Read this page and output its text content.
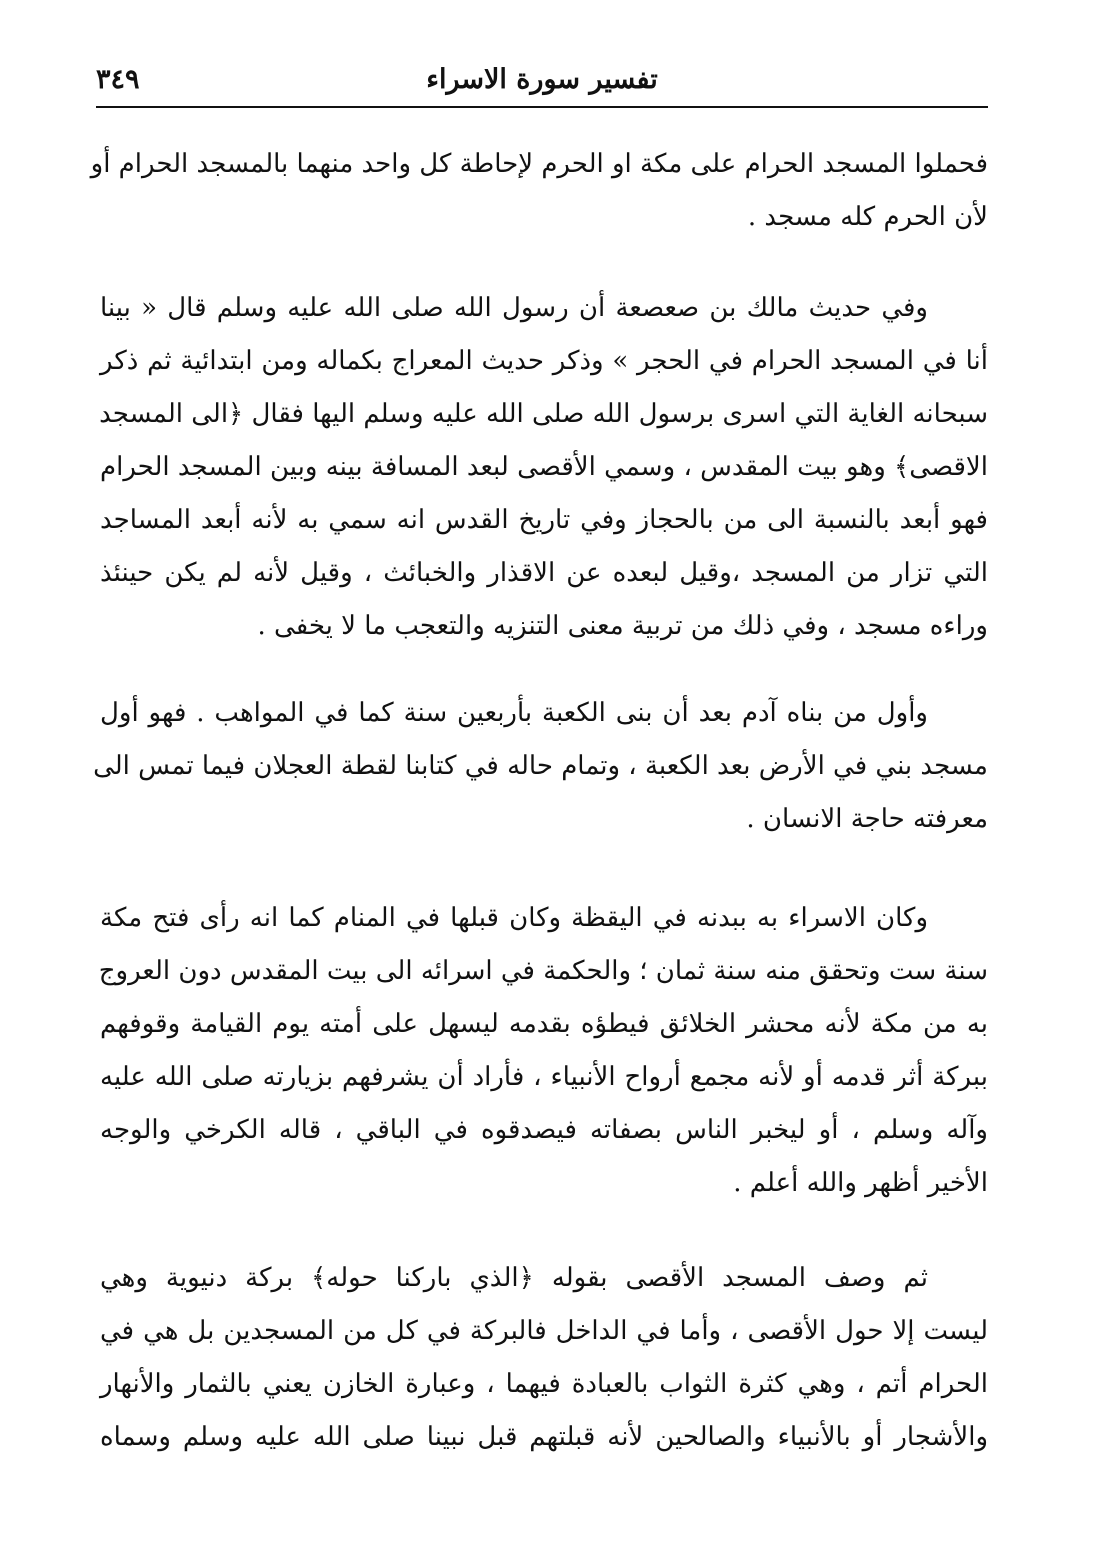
٣٤٩	تفسير سورة الاسراء
فحملوا المسجد الحرام على مكة او الحرم لإحاطة كل واحد منهما بالمسجد الحرام أو
لأن الحرم كله مسجد .
وفي حديث مالك بن صعصعة أن رسول الله صلى الله عليه وسلم قال « بينا
أنا في المسجد الحرام في الحجر » وذكر حديث المعراج بكماله ومن ابتدائية ثم ذكر
سبحانه الغاية التي اسرى برسول الله صلى الله عليه وسلم اليها فقال ﴿الى المسجد
الاقصى﴾ وهو بيت المقدس ، وسمي الأقصى لبعد المسافة بينه وبين المسجد الحرام
فهو أبعد بالنسبة الى من بالحجاز وفي تاريخ القدس انه سمي به لأنه أبعد المساجد
التي تزار من المسجد ،وقيل لبعده عن الاقذار والخبائث ، وقيل لأنه لم يكن حينئذ
وراءه مسجد ، وفي ذلك من تربية معنى التنزيه والتعجب ما لا يخفى .
وأول من بناه آدم بعد أن بنى الكعبة بأربعين سنة كما في المواهب . فهو أول
مسجد بني في الأرض بعد الكعبة ، وتمام حاله في كتابنا لقطة العجلان فيما تمس الى
معرفته حاجة الانسان .
وكان الاسراء به ببدنه في اليقظة وكان قبلها في المنام كما انه رأى فتح مكة
سنة ست وتحقق منه سنة ثمان ؛ والحكمة في اسرائه الى بيت المقدس دون العروج
به من مكة لأنه محشر الخلائق فيطؤه بقدمه ليسهل على أمته يوم القيامة وقوفهم
ببركة أثر قدمه أو لأنه مجمع أرواح الأنبياء ، فأراد أن يشرفهم بزيارته صلى الله عليه
وآله وسلم ، أو ليخبر الناس بصفاته فيصدقوه في الباقي ، قاله الكرخي والوجه
الأخير أظهر والله أعلم .
ثم وصف المسجد الأقصى بقوله ﴿الذي باركنا حوله﴾ بركة دنيوية وهي
ليست إلا حول الأقصى ، وأما في الداخل فالبركة في كل من المسجدين بل هي في
الحرام أتم ، وهي كثرة الثواب بالعبادة فيهما ، وعبارة الخازن يعني بالثمار والأنهار
والأشجار أو بالأنبياء والصالحين لأنه قبلتهم قبل نبينا صلى الله عليه وسلم وسماه
